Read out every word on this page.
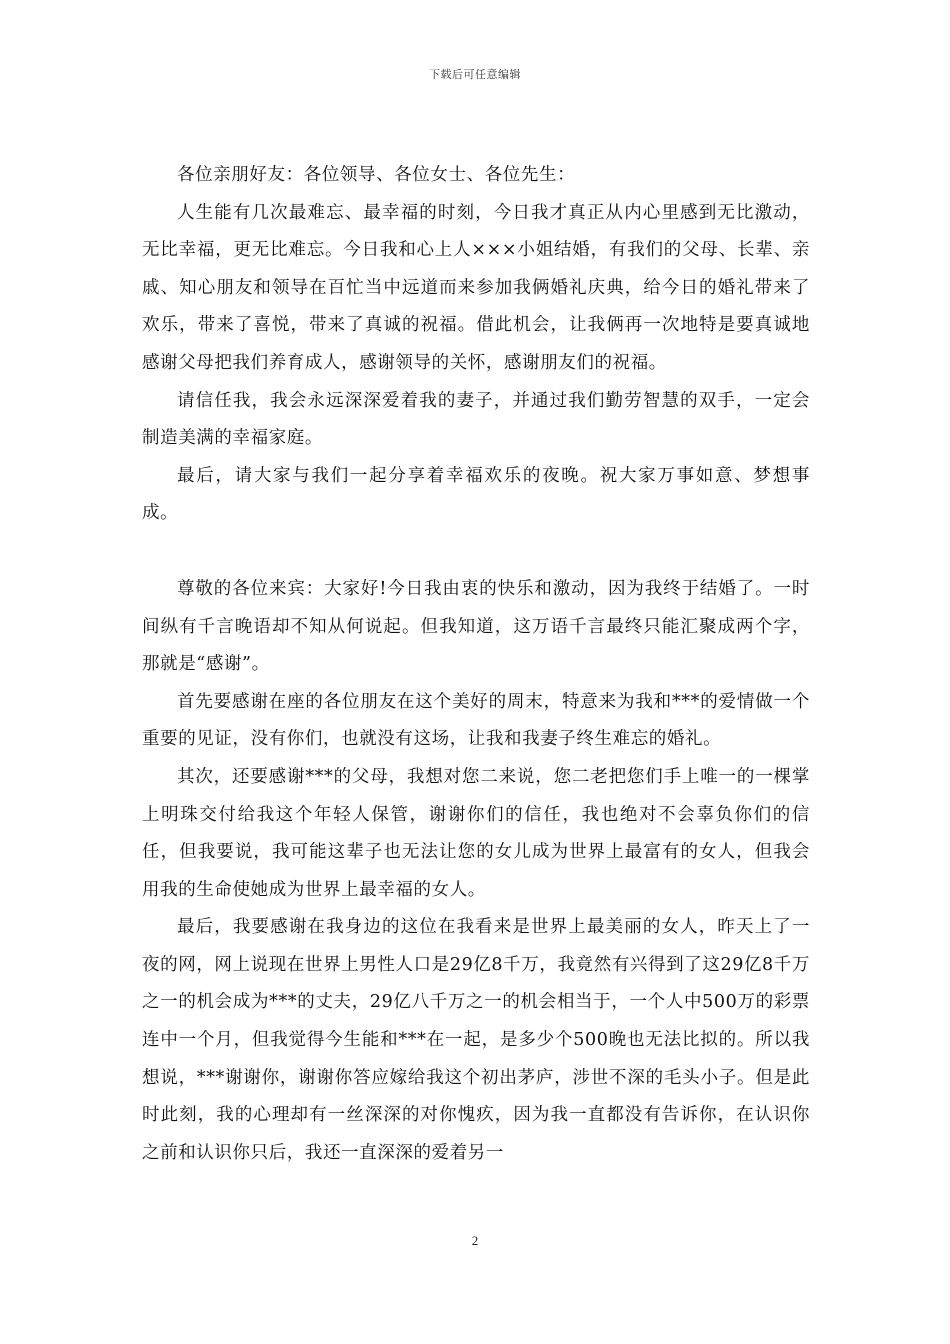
下载后可任意编辑

各位亲朋好友：各位领导、各位女士、各位先生：

人生能有几次最难忘、最幸福的时刻，今日我才真正从内心里感到无比激动，无比幸福，更无比难忘。今日我和心上人×××小姐结婚，有我们的父母、长辈、亲戚、知心朋友和领导在百忙当中远道而来参加我俩婚礼庆典，给今日的婚礼带来了欢乐，带来了喜悦，带来了真诚的祝福。借此机会，让我俩再一次地特是要真诚地感谢父母把我们养育成人，感谢领导的关怀，感谢朋友们的祝福。

请信任我，我会永远深深爱着我的妻子，并通过我们勤劳智慧的双手，一定会制造美满的幸福家庭。

最后，请大家与我们一起分享着幸福欢乐的夜晚。祝大家万事如意、梦想事成。

尊敬的各位来宾：大家好!今日我由衷的快乐和激动，因为我终于结婚了。一时间纵有千言晚语却不知从何说起。但我知道，这万语千言最终只能汇聚成两个字，那就是“感谢”。

首先要感谢在座的各位朋友在这个美好的周末，特意来为我和***的爱情做一个重要的见证，没有你们，也就没有这场，让我和我妻子终生难忘的婚礼。

其次，还要感谢***的父母，我想对您二来说，您二老把您们手上唯一的一棵掌上明珠交付给我这个年轻人保管，谢谢你们的信任，我也绝对不会辜负你们的信任，但我要说，我可能这辈子也无法让您的女儿成为世界上最富有的女人，但我会用我的生命使她成为世界上最幸福的女人。

最后，我要感谢在我身边的这位在我看来是世界上最美丽的女人，昨天上了一夜的网，网上说现在世界上男性人口是29亿8千万，我竟然有兴得到了这29亿8千万之一的机会成为***的丈夫，29亿八千万之一的机会相当于，一个人中500万的彩票连中一个月，但我觉得今生能和***在一起，是多少个500晚也无法比拟的。所以我想说，***谢谢你，谢谢你答应嫁给我这个初出茅庐，涉世不深的毛头小子。但是此时此刻，我的心理却有一丝深深的对你愧疚，因为我一直都没有告诉你，在认识你之前和认识你只后，我还一直深深的爱着另一

2
